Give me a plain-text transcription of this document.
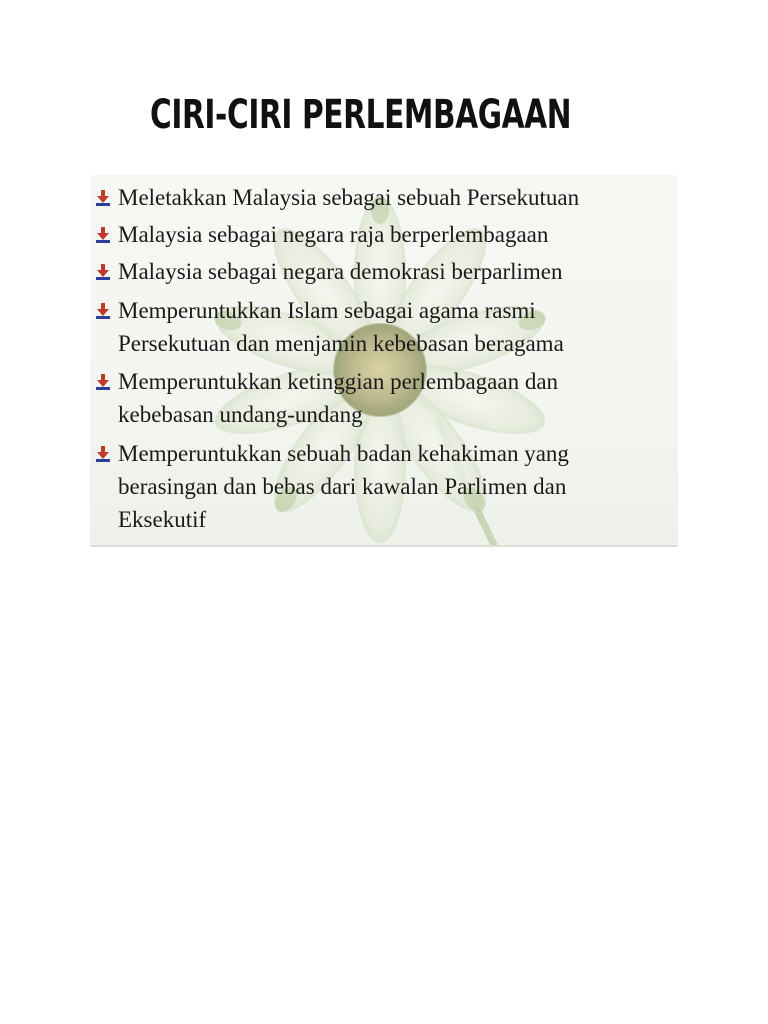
CIRI-CIRI PERLEMBAGAAN
Meletakkan Malaysia sebagai sebuah Persekutuan
Malaysia sebagai negara raja berperlembagaan
Malaysia sebagai negara demokrasi berparlimen
Memperuntukkan Islam sebagai agama rasmi
Persekutuan dan menjamin kebebasan beragama
Memperuntukkan ketinggian perlembagaan dan
kebebasan undang-undang
Memperuntukkan sebuah badan kehakiman yang
berasingan dan bebas dari kawalan Parlimen dan
Eksekutif
